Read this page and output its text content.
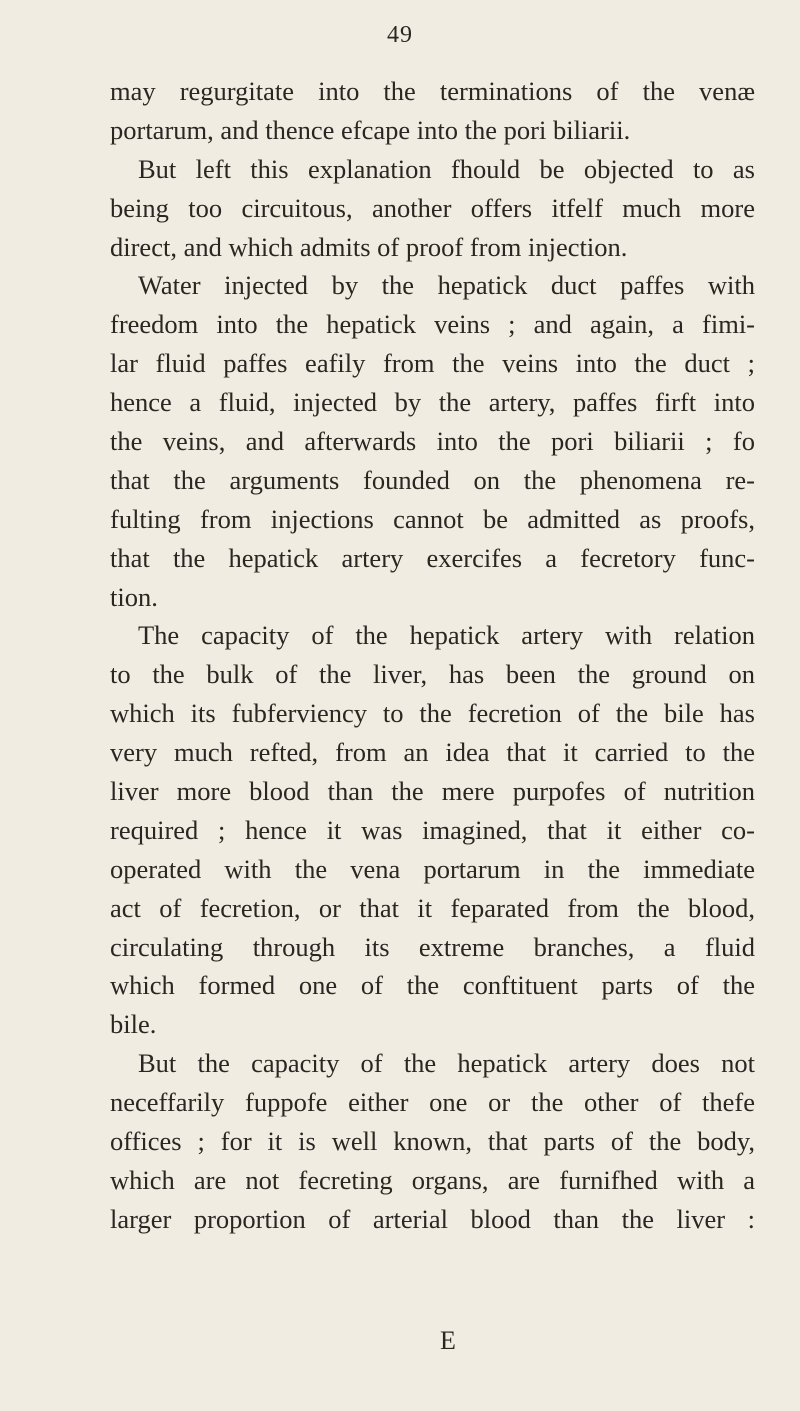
49
may regurgitate into the terminations of the venæ
portarum, and thence efcape into the pori biliarii.
But left this explanation fhould be objected to as
being too circuitous, another offers itfelf much more
direct, and which admits of proof from injection.
Water injected by the hepatick duct paffes with
freedom into the hepatick veins ; and again, a fimi-
lar fluid paffes eafily from the veins into the duct ;
hence a fluid, injected by the artery, paffes firft into
the veins, and afterwards into the pori biliarii ; fo
that the arguments founded on the phenomena re-
fulting from injections cannot be admitted as proofs,
that the hepatick artery exercifes a fecretory func-
tion.
The capacity of the hepatick artery with relation
to the bulk of the liver, has been the ground on
which its fubferviency to the fecretion of the bile has
very much refted, from an idea that it carried to the
liver more blood than the mere purpofes of nutrition
required ; hence it was imagined, that it either co-
operated with the vena portarum in the immediate
act of fecretion, or that it feparated from the blood,
circulating through its extreme branches, a fluid
which formed one of the conftituent parts of the
bile.
But the capacity of the hepatick artery does not
neceffarily fuppofe either one or the other of thefe
offices ; for it is well known, that parts of the body,
which are not fecreting organs, are furnifhed with a
larger proportion of arterial blood than the liver :
E
